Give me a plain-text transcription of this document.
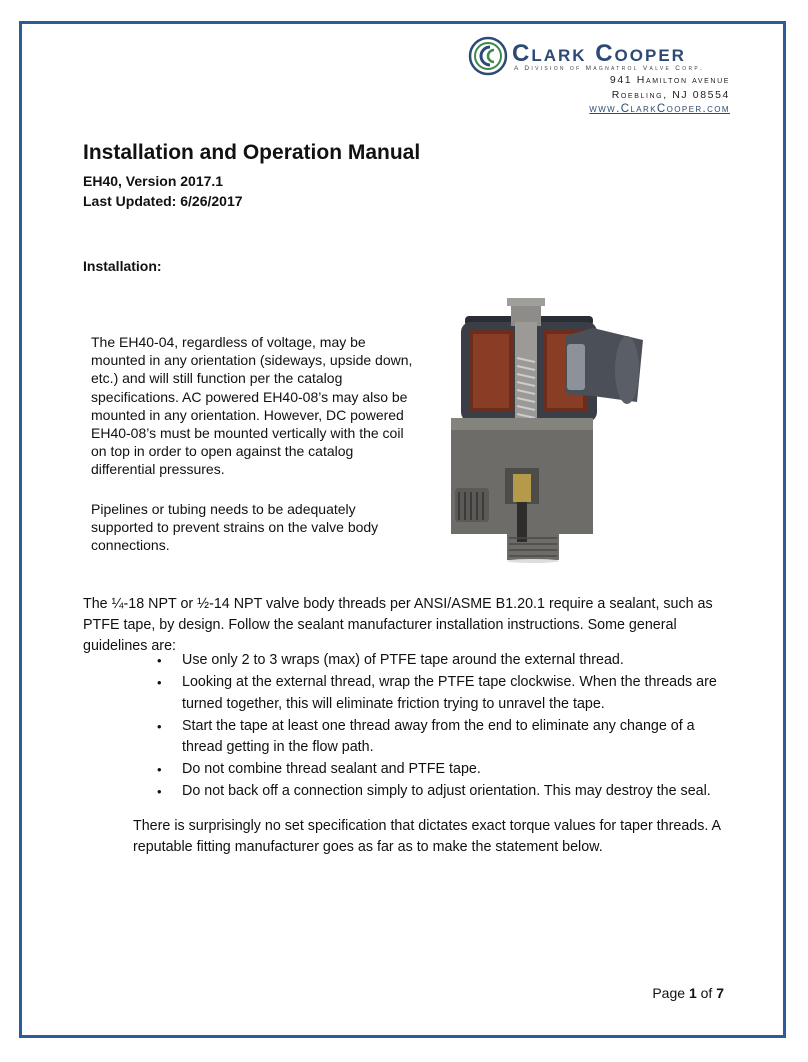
Clark Cooper
A Division of Magnatrol Valve Corp.
941 Hamilton avenue
Roebling, NJ 08554
www.ClarkCooper.com
Installation and Operation Manual
EH40, Version 2017.1
Last Updated: 6/26/2017
Installation:

The EH40-04, regardless of voltage, may be mounted in any orientation (sideways, upside down, etc.) and will still function per the catalog specifications. AC powered EH40-08’s may also be mounted in any orientation. However, DC powered EH40-08’s must be mounted vertically with the coil on top in order to open against the catalog differential pressures.

Pipelines or tubing needs to be adequately supported to prevent strains on the valve body connections.

The ¼-18 NPT or ½-14 NPT valve body threads per ANSI/ASME B1.20.1 require a sealant, such as PTFE tape, by design. Follow the sealant manufacturer installation instructions. Some general guidelines are:

• Use only 2 to 3 wraps (max) of PTFE tape around the external thread.
• Looking at the external thread, wrap the PTFE tape clockwise. When the threads are turned together, this will eliminate friction trying to unravel the tape.
• Start the tape at least one thread away from the end to eliminate any change of a thread getting in the flow path.
• Do not combine thread sealant and PTFE tape.
• Do not back off a connection simply to adjust orientation. This may destroy the seal.

There is surprisingly no set specification that dictates exact torque values for taper threads. A reputable fitting manufacturer goes as far as to make the statement below.

Page 1 of 7
